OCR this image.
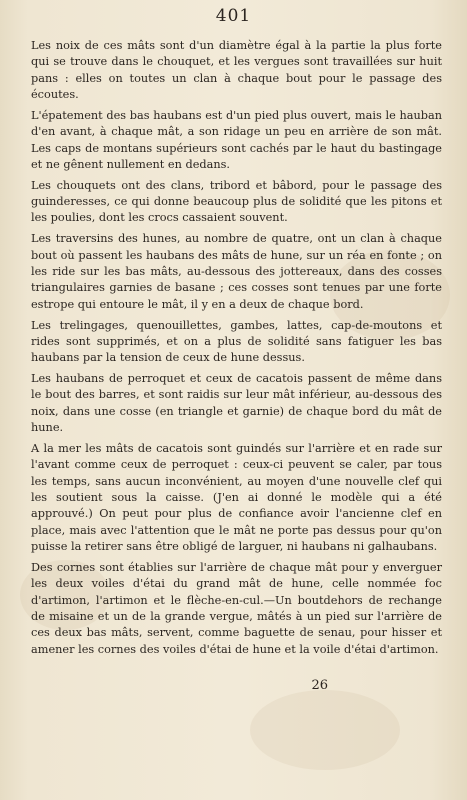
401

Les noix de ces mâts sont d'un diamètre égal à la partie la plus forte qui se trouve dans le chouquet, et les vergues sont travaillées sur huit pans : elles on toutes un clan à chaque bout pour le passage des écoutes.

L'épatement des bas haubans est d'un pied plus ouvert, mais le hauban d'en avant, à chaque mât, a son ridage un peu en arrière de son mât. Les caps de montans supérieurs sont cachés par le haut du bastingage et ne gênent nullement en dedans.

Les chouquets ont des clans, tribord et bâbord, pour le passage des guinderesses, ce qui donne beaucoup plus de solidité que les pitons et les poulies, dont les crocs cassaient souvent.

Les traversins des hunes, au nombre de quatre, ont un clan à chaque bout où passent les haubans des mâts de hune, sur un réa en fonte ; on les ride sur les bas mâts, au-dessous des jottereaux, dans des cosses triangulaires garnies de basane ; ces cosses sont tenues par une forte estrope qui entoure le mât, il y en a deux de chaque bord.

Les trelingages, quenouillettes, gambes, lattes, cap-de-moutons et rides sont supprimés, et on a plus de solidité sans fatiguer les bas haubans par la tension de ceux de hune dessus.

Les haubans de perroquet et ceux de cacatois passent de même dans le bout des barres, et sont raidis sur leur mât inférieur, au-dessous des noix, dans une cosse (en triangle et garnie) de chaque bord du mât de hune.

A la mer les mâts de cacatois sont guindés sur l'arrière et en rade sur l'avant comme ceux de perroquet : ceux-ci peuvent se caler, par tous les temps, sans aucun inconvénient, au moyen d'une nouvelle clef qui les soutient sous la caisse. (J'en ai donné le modèle qui a été approuvé.) On peut pour plus de confiance avoir l'ancienne clef en place, mais avec l'attention que le mât ne porte pas dessus pour qu'on puisse la retirer sans être obligé de larguer, ni haubans ni galhaubans.

Des cornes sont établies sur l'arrière de chaque mât pour y enverguer les deux voiles d'étai du grand mât de hune, celle nommée foc d'artimon, l'artimon et le flèche-en-cul.—Un boutdehors de rechange de misaine et un de la grande vergue, mâtés à un pied sur l'arrière de ces deux bas mâts, servent, comme baguette de senau, pour hisser et amener les cornes des voiles d'étai de hune et la voile d'étai d'artimon.

26
